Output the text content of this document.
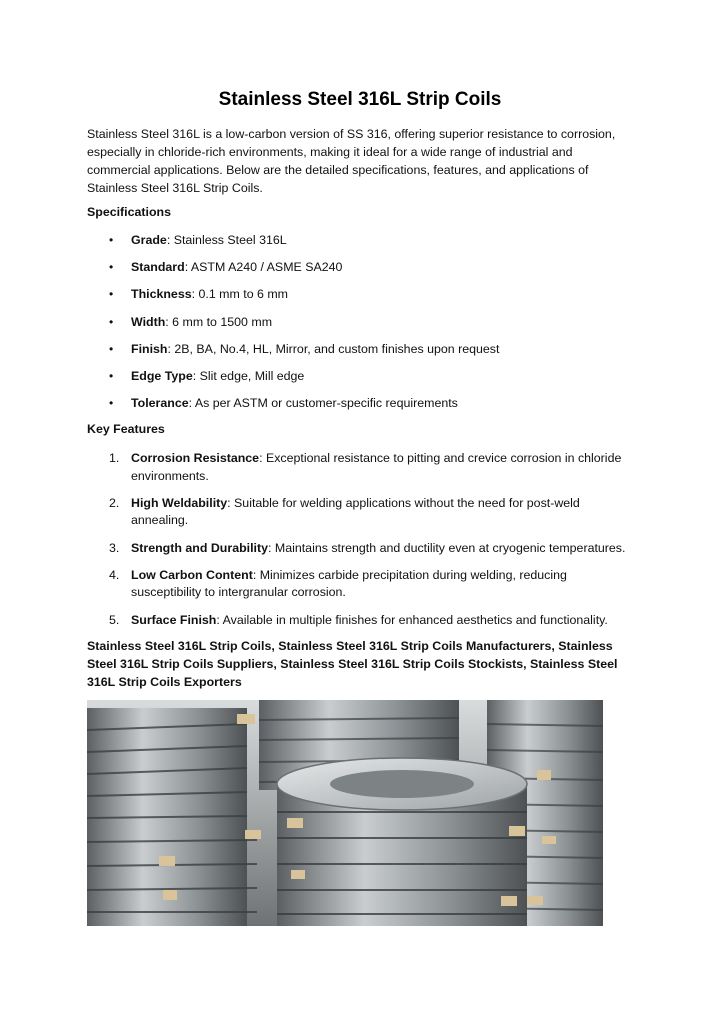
Stainless Steel 316L Strip Coils

Stainless Steel 316L is a low-carbon version of SS 316, offering superior resistance to corrosion, especially in chloride-rich environments, making it ideal for a wide range of industrial and commercial applications. Below are the detailed specifications, features, and applications of Stainless Steel 316L Strip Coils.

Specifications

• Grade: Stainless Steel 316L
• Standard: ASTM A240 / ASME SA240
• Thickness: 0.1 mm to 6 mm
• Width: 6 mm to 1500 mm
• Finish: 2B, BA, No.4, HL, Mirror, and custom finishes upon request
• Edge Type: Slit edge, Mill edge
• Tolerance: As per ASTM or customer-specific requirements

Key Features

1. Corrosion Resistance: Exceptional resistance to pitting and crevice corrosion in chloride environments.
2. High Weldability: Suitable for welding applications without the need for post-weld annealing.
3. Strength and Durability: Maintains strength and ductility even at cryogenic temperatures.
4. Low Carbon Content: Minimizes carbide precipitation during welding, reducing susceptibility to intergranular corrosion.
5. Surface Finish: Available in multiple finishes for enhanced aesthetics and functionality.

Stainless Steel 316L Strip Coils, Stainless Steel 316L Strip Coils Manufacturers, Stainless Steel 316L Strip Coils Suppliers, Stainless Steel 316L Strip Coils Stockists, Stainless Steel 316L Strip Coils Exporters
